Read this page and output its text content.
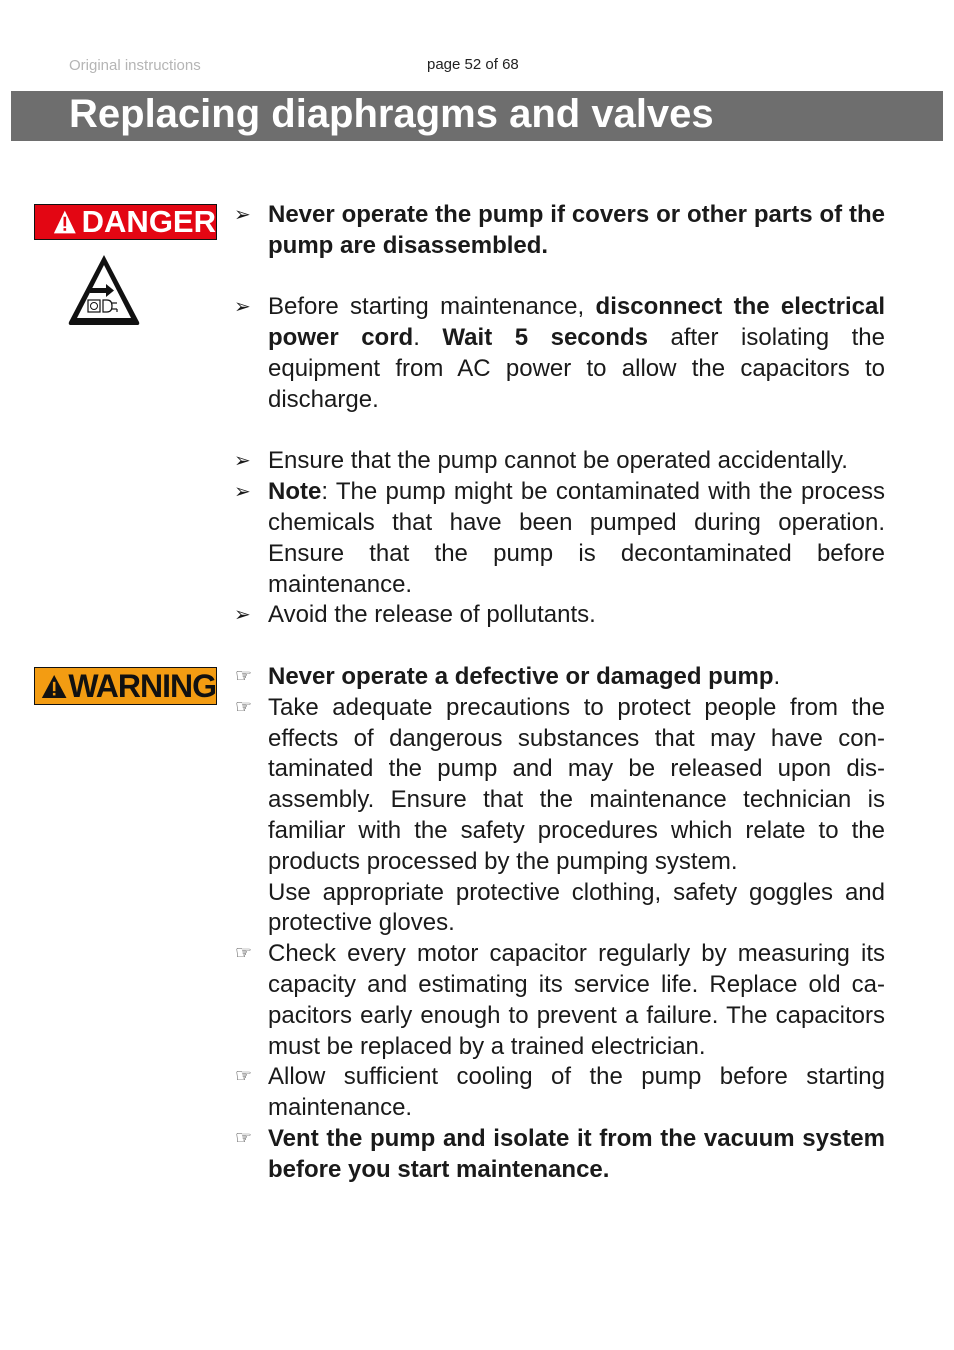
Original instructions	page 52 of 68
Replacing diaphragms and valves
DANGER
WARNING
➢ Never operate the pump if covers or other parts of the pump are disassembled.
➢ Before starting maintenance, disconnect the electrical power cord. Wait 5 seconds after isolating the equipment from AC power to allow the capacitors to discharge.
➢ Ensure that the pump cannot be operated accidentally.
➢ Note: The pump might be contaminated with the process chemicals that have been pumped during operation. Ensure that the pump is decontaminated before maintenance.
➢ Avoid the release of pollutants.
☞ Never operate a defective or damaged pump.
☞ Take adequate precautions to protect people from the effects of dangerous substances that may have contaminated the pump and may be released upon disassembly. Ensure that the maintenance technician is familiar with the safety procedures which relate to the products processed by the pumping system.
Use appropriate protective clothing, safety goggles and protective gloves.
☞ Check every motor capacitor regularly by measuring its capacity and estimating its service life. Replace old capacitors early enough to prevent a failure. The capacitors must be replaced by a trained electrician.
☞ Allow sufficient cooling of the pump before starting maintenance.
☞ Vent the pump and isolate it from the vacuum system before you start maintenance.
